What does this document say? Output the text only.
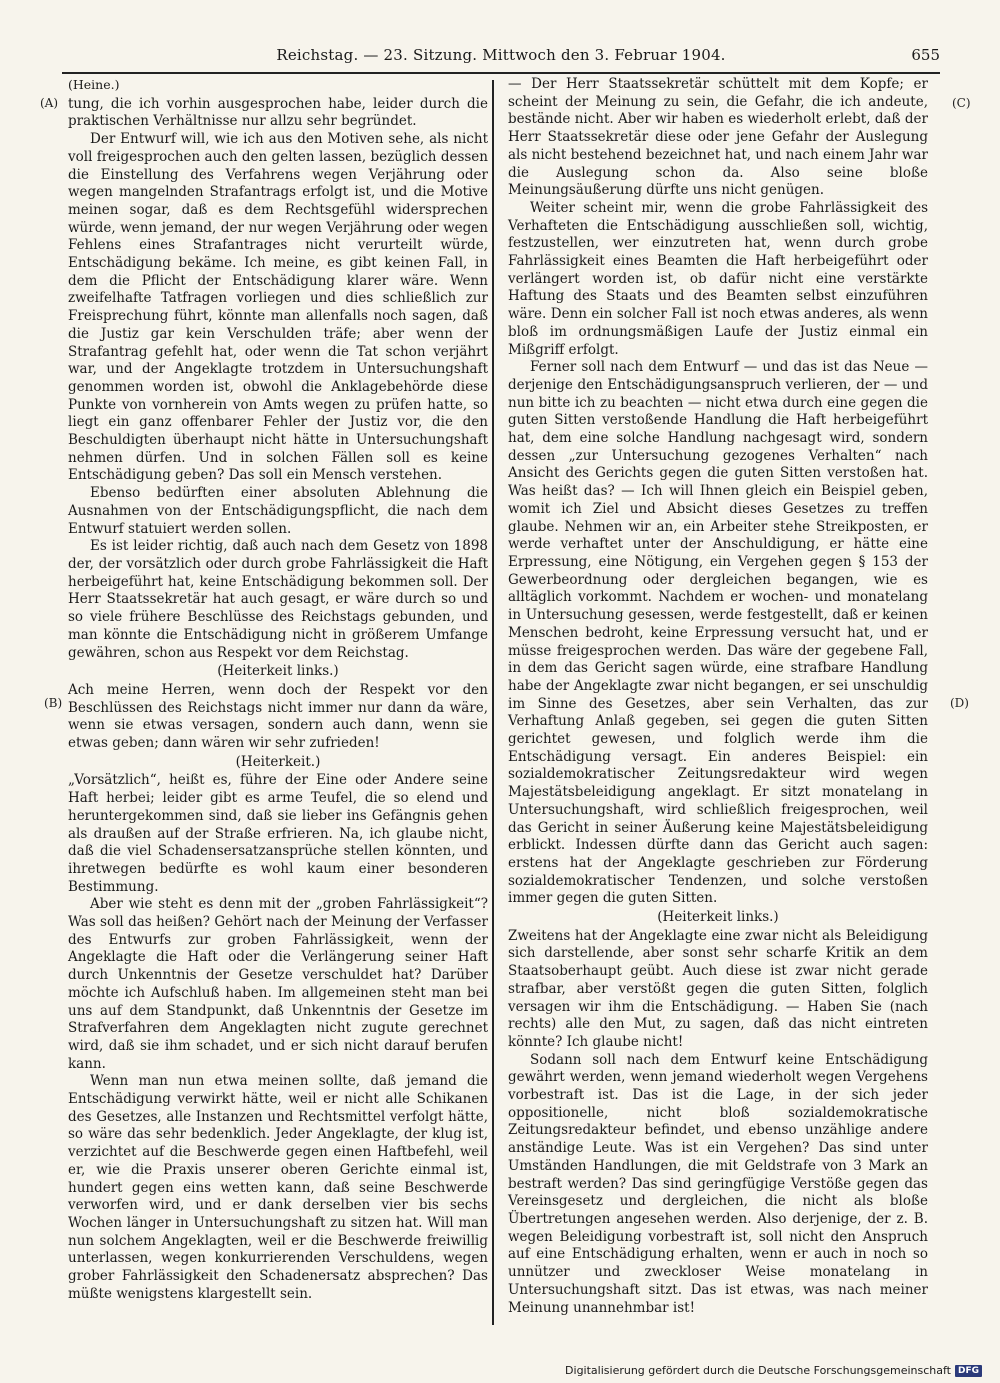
Reichstag. — 23. Sitzung. Mittwoch den 3. Februar 1904.	655
(A)	(C)
(B)	(D)
(Heine.)

tung, die ich vorhin ausgesprochen habe, leider durch die praktischen Verhältnisse nur allzu sehr begründet.

Der Entwurf will, wie ich aus den Motiven sehe, als nicht voll freigesprochen auch den gelten lassen, bezüglich dessen die Einstellung des Verfahrens wegen Verjährung oder wegen mangelnden Strafantrags erfolgt ist, und die Motive meinen sogar, daß es dem Rechtsgefühl widersprechen würde, wenn jemand, der nur wegen Verjährung oder wegen Fehlens eines Strafantrages nicht verurteilt würde, Entschädigung bekäme. Ich meine, es gibt keinen Fall, in dem die Pflicht der Entschädigung klarer wäre. Wenn zweifelhafte Tatfragen vorliegen und dies schließlich zur Freisprechung führt, könnte man allenfalls noch sagen, daß die Justiz gar kein Verschulden träfe; aber wenn der Strafantrag gefehlt hat, oder wenn die Tat schon verjährt war, und der Angeklagte trotzdem in Untersuchungshaft genommen worden ist, obwohl die Anklagebehörde diese Punkte von vornherein von Amts wegen zu prüfen hatte, so liegt ein ganz offenbarer Fehler der Justiz vor, die den Beschuldigten überhaupt nicht hätte in Untersuchungshaft nehmen dürfen. Und in solchen Fällen soll es keine Entschädigung geben? Das soll ein Mensch verstehen.

Ebenso bedürften einer absoluten Ablehnung die Ausnahmen von der Entschädigungspflicht, die nach dem Entwurf statuiert werden sollen.

Es ist leider richtig, daß auch nach dem Gesetz von 1898 der, der vorsätzlich oder durch grobe Fahrlässigkeit die Haft herbeigeführt hat, keine Entschädigung bekommen soll. Der Herr Staatssekretär hat auch gesagt, er wäre durch so und so viele frühere Beschlüsse des Reichstags gebunden, und man könnte die Entschädigung nicht in größerem Umfange gewähren, schon aus Respekt vor dem Reichstag.

(Heiterkeit links.)

Ach meine Herren, wenn doch der Respekt vor den Beschlüssen des Reichstags nicht immer nur dann da wäre, wenn sie etwas versagen, sondern auch dann, wenn sie etwas geben; dann wären wir sehr zufrieden!

(Heiterkeit.)

„Vorsätzlich“, heißt es, führe der Eine oder Andere seine Haft herbei; leider gibt es arme Teufel, die so elend und heruntergekommen sind, daß sie lieber ins Gefängnis gehen als draußen auf der Straße erfrieren. Na, ich glaube nicht, daß die viel Schadensersatzansprüche stellen könnten, und ihretwegen bedürfte es wohl kaum einer besonderen Bestimmung.

Aber wie steht es denn mit der „groben Fahrlässigkeit“? Was soll das heißen? Gehört nach der Meinung der Verfasser des Entwurfs zur groben Fahrlässigkeit, wenn der Angeklagte die Haft oder die Verlängerung seiner Haft durch Unkenntnis der Gesetze verschuldet hat? Darüber möchte ich Aufschluß haben. Im allgemeinen steht man bei uns auf dem Standpunkt, daß Unkenntnis der Gesetze im Strafverfahren dem Angeklagten nicht zugute gerechnet wird, daß sie ihm schadet, und er sich nicht darauf berufen kann.

Wenn man nun etwa meinen sollte, daß jemand die Entschädigung verwirkt hätte, weil er nicht alle Schikanen des Gesetzes, alle Instanzen und Rechtsmittel verfolgt hätte, so wäre das sehr bedenklich. Jeder Angeklagte, der klug ist, verzichtet auf die Beschwerde gegen einen Haftbefehl, weil er, wie die Praxis unserer oberen Gerichte einmal ist, hundert gegen eins wetten kann, daß seine Beschwerde verworfen wird, und er dank derselben vier bis sechs Wochen länger in Untersuchungshaft zu sitzen hat. Will man nun solchem Angeklagten, weil er die Beschwerde freiwillig unterlassen, wegen konkurrierenden Verschuldens, wegen grober Fahrlässigkeit den Schadenersatz absprechen? Das müßte wenigstens klargestellt sein.

— Der Herr Staatssekretär schüttelt mit dem Kopfe; er scheint der Meinung zu sein, die Gefahr, die ich andeute, bestände nicht. Aber wir haben es wiederholt erlebt, daß der Herr Staatssekretär diese oder jene Gefahr der Auslegung als nicht bestehend bezeichnet hat, und nach einem Jahr war die Auslegung schon da. Also seine bloße Meinungsäußerung dürfte uns nicht genügen.

Weiter scheint mir, wenn die grobe Fahrlässigkeit des Verhafteten die Entschädigung ausschließen soll, wichtig, festzustellen, wer einzutreten hat, wenn durch grobe Fahrlässigkeit eines Beamten die Haft herbeigeführt oder verlängert worden ist, ob dafür nicht eine verstärkte Haftung des Staats und des Beamten selbst einzuführen wäre. Denn ein solcher Fall ist noch etwas anderes, als wenn bloß im ordnungsmäßigen Laufe der Justiz einmal ein Mißgriff erfolgt.

Ferner soll nach dem Entwurf — und das ist das Neue — derjenige den Entschädigungsanspruch verlieren, der — und nun bitte ich zu beachten — nicht etwa durch eine gegen die guten Sitten verstoßende Handlung die Haft herbeigeführt hat, dem eine solche Handlung nachgesagt wird, sondern dessen „zur Untersuchung gezogenes Verhalten“ nach Ansicht des Gerichts gegen die guten Sitten verstoßen hat. Was heißt das? — Ich will Ihnen gleich ein Beispiel geben, womit ich Ziel und Absicht dieses Gesetzes zu treffen glaube. Nehmen wir an, ein Arbeiter stehe Streikposten, er werde verhaftet unter der Anschuldigung, er hätte eine Erpressung, eine Nötigung, ein Vergehen gegen § 153 der Gewerbeordnung oder dergleichen begangen, wie es alltäglich vorkommt. Nachdem er wochen- und monatelang in Untersuchung gesessen, werde festgestellt, daß er keinen Menschen bedroht, keine Erpressung versucht hat, und er müsse freigesprochen werden. Das wäre der gegebene Fall, in dem das Gericht sagen würde, eine strafbare Handlung habe der Angeklagte zwar nicht begangen, er sei unschuldig im Sinne des Gesetzes, aber sein Verhalten, das zur Verhaftung Anlaß gegeben, sei gegen die guten Sitten gerichtet gewesen, und folglich werde ihm die Entschädigung versagt. Ein anderes Beispiel: ein sozialdemokratischer Zeitungsredakteur wird wegen Majestätsbeleidigung angeklagt. Er sitzt monatelang in Untersuchungshaft, wird schließlich freigesprochen, weil das Gericht in seiner Äußerung keine Majestätsbeleidigung erblickt. Indessen dürfte dann das Gericht auch sagen: erstens hat der Angeklagte geschrieben zur Förderung sozialdemokratischer Tendenzen, und solche verstoßen immer gegen die guten Sitten.

(Heiterkeit links.)

Zweitens hat der Angeklagte eine zwar nicht als Beleidigung sich darstellende, aber sonst sehr scharfe Kritik an dem Staatsoberhaupt geübt. Auch diese ist zwar nicht gerade strafbar, aber verstößt gegen die guten Sitten, folglich versagen wir ihm die Entschädigung. — Haben Sie (nach rechts) alle den Mut, zu sagen, daß das nicht eintreten könnte? Ich glaube nicht!

Sodann soll nach dem Entwurf keine Entschädigung gewährt werden, wenn jemand wiederholt wegen Vergehens vorbestraft ist. Das ist die Lage, in der sich jeder oppositionelle, nicht bloß sozialdemokratische Zeitungsredakteur befindet, und ebenso unzählige andere anständige Leute. Was ist ein Vergehen? Das sind unter Umständen Handlungen, die mit Geldstrafe von 3 Mark an bestraft werden? Das sind geringfügige Verstöße gegen das Vereinsgesetz und dergleichen, die nicht als bloße Übertretungen angesehen werden. Also derjenige, der z. B. wegen Beleidigung vorbestraft ist, soll nicht den Anspruch auf eine Entschädigung erhalten, wenn er auch in noch so unnützer und zweckloser Weise monatelang in Untersuchungshaft sitzt. Das ist etwas, was nach meiner Meinung unannehmbar ist!

Digitalisierung gefördert durch die Deutsche Forschungsgemeinschaft DFG
